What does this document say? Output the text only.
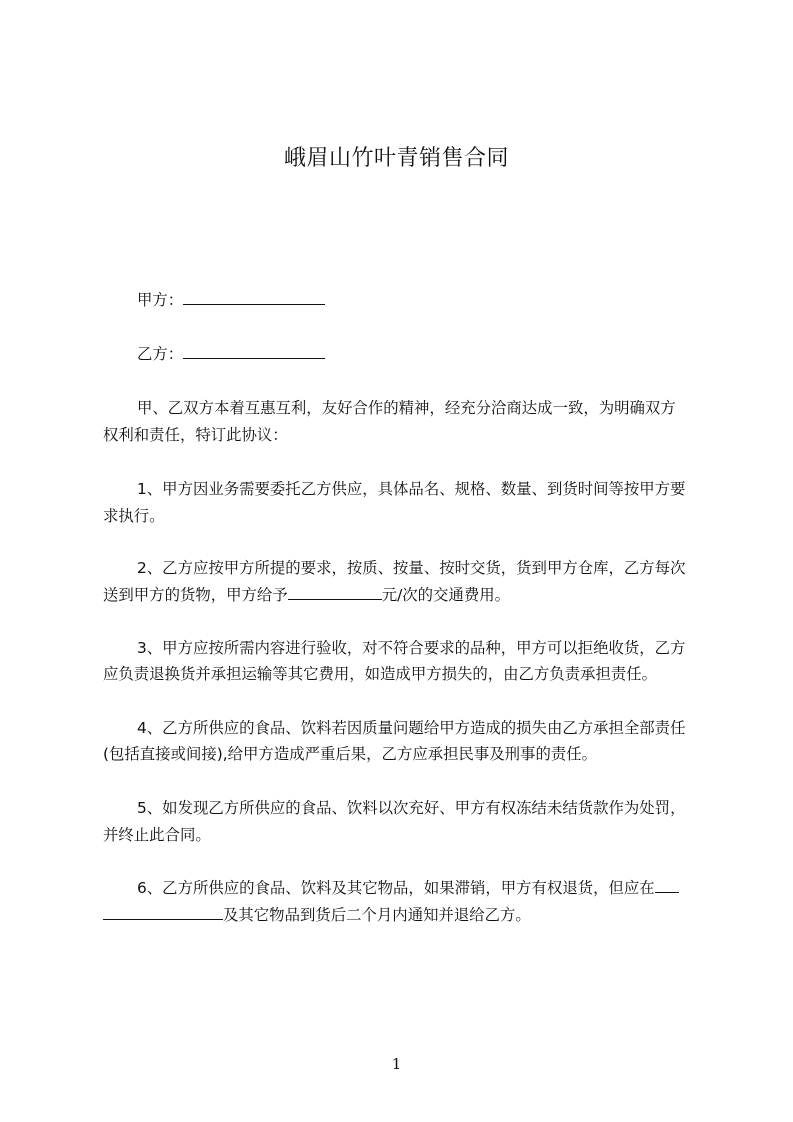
峨眉山竹叶青销售合同
甲方：
乙方：
甲、乙双方本着互惠互利，友好合作的精神，经充分洽商达成一致，为明确双方
权利和责任，特订此协议：
1、甲方因业务需要委托乙方供应，具体品名、规格、数量、到货时间等按甲方要
求执行。
2、乙方应按甲方所提的要求，按质、按量、按时交货，货到甲方仓库，乙方每次
送到甲方的货物，甲方给予	元/次的交通费用。
3、甲方应按所需内容进行验收，对不符合要求的品种，甲方可以拒绝收货，乙方
应负责退换货并承担运输等其它费用，如造成甲方损失的，由乙方负责承担责任。
4、乙方所供应的食品、饮料若因质量问题给甲方造成的损失由乙方承担全部责任
(包括直接或间接),给甲方造成严重后果，乙方应承担民事及刑事的责任。
5、如发现乙方所供应的食品、饮料以次充好、甲方有权冻结未结货款作为处罚，
并终止此合同。
6、乙方所供应的食品、饮料及其它物品，如果滞销，甲方有权退货，但应在
及其它物品到货后二个月内通知并退给乙方。
1
